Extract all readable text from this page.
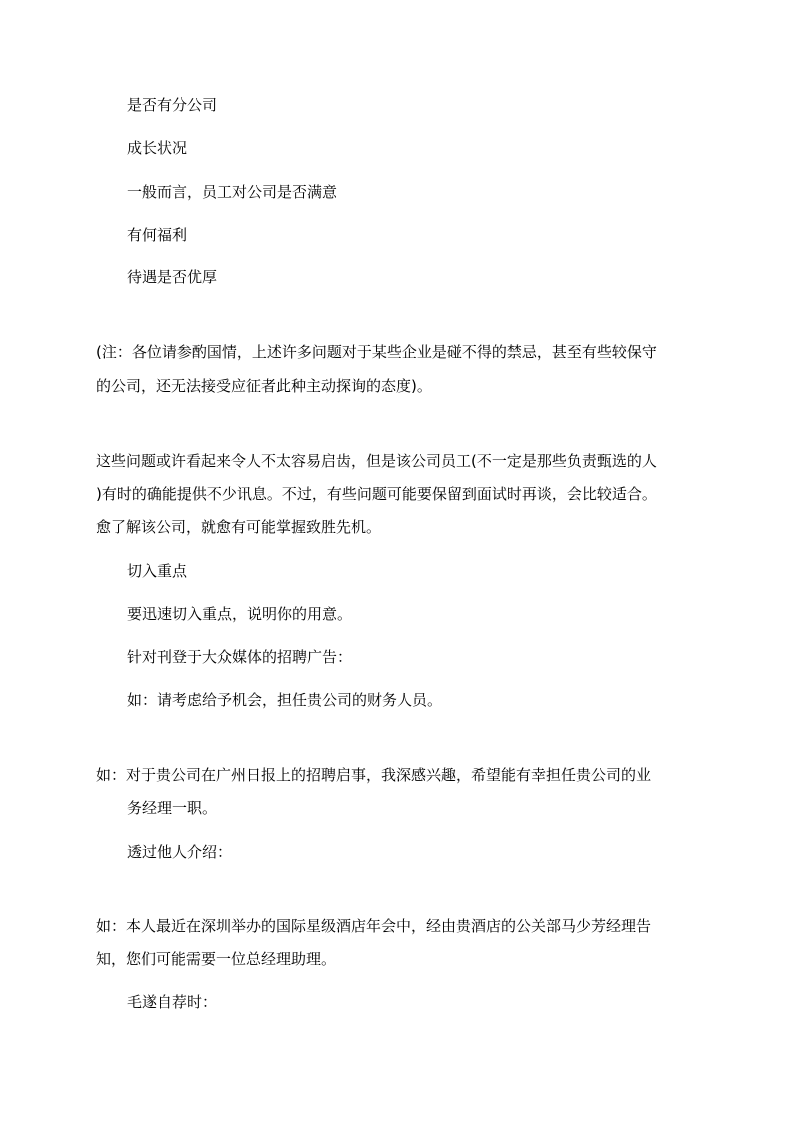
是否有分公司
成长状况
一般而言，员工对公司是否满意
有何福利
待遇是否优厚
(注：各位请参酌国情，上述许多问题对于某些企业是碰不得的禁忌，甚至有些较保守
的公司，还无法接受应征者此种主动探询的态度)。
这些问题或许看起来令人不太容易启齿，但是该公司员工(不一定是那些负责甄选的人
)有时的确能提供不少讯息。不过，有些问题可能要保留到面试时再谈，会比较适合。
愈了解该公司，就愈有可能掌握致胜先机。
切入重点
要迅速切入重点，说明你的用意。
针对刊登于大众媒体的招聘广告：
如：请考虑给予机会，担任贵公司的财务人员。
如：对于贵公司在广州日报上的招聘启事，我深感兴趣，希望能有幸担任贵公司的业
务经理一职。
透过他人介绍：
如：本人最近在深圳举办的国际星级酒店年会中，经由贵酒店的公关部马少芳经理告
知，您们可能需要一位总经理助理。
毛遂自荐时：
